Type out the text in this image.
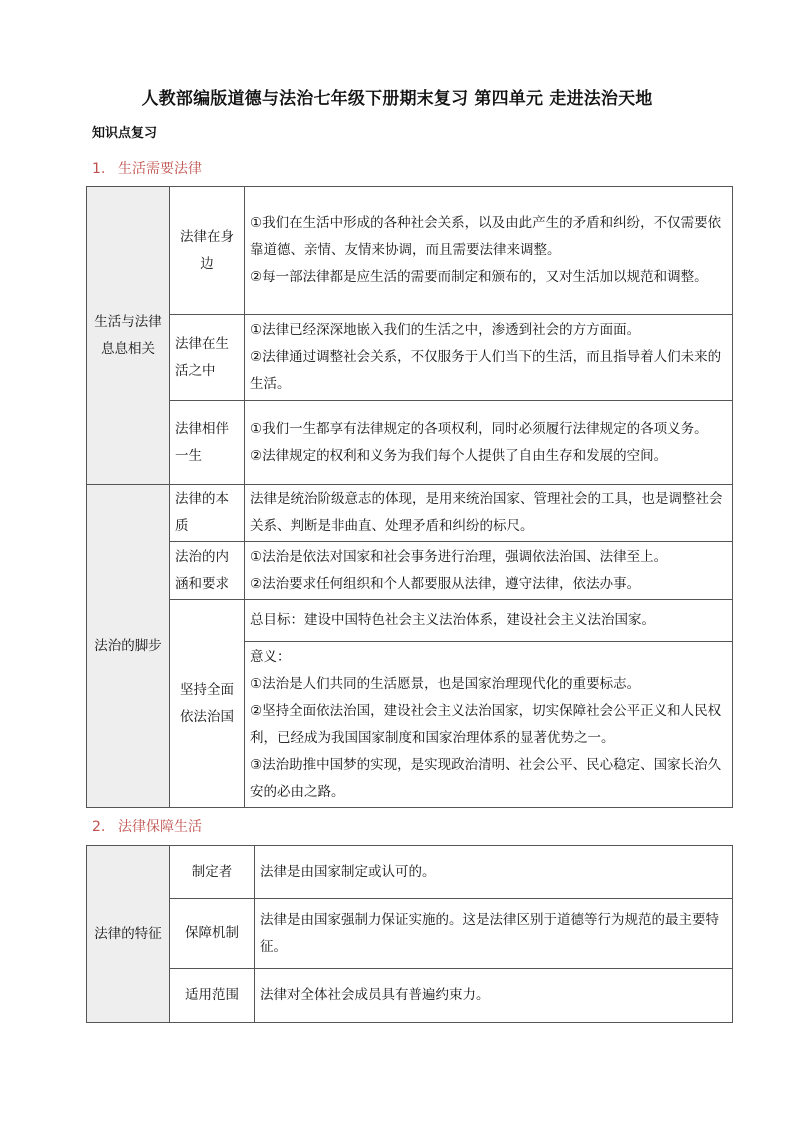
人教部编版道德与法治七年级下册期末复习 第四单元 走进法治天地
知识点复习
1. 生活需要法律
生活与法律息息相关	法律在身边	①我们在生活中形成的各种社会关系，以及由此产生的矛盾和纠纷，不仅需要依靠道德、亲情、友情来协调，而且需要法律来调整。
②每一部法律都是应生活的需要而制定和颁布的，又对生活加以规范和调整。

	法律在生活之中	①法律已经深深地嵌入我们的生活之中，渗透到社会的方方面面。
②法律通过调整社会关系，不仅服务于人们当下的生活，而且指导着人们未来的生活。

	法律相伴一生	①我们一生都享有法律规定的各项权利，同时必须履行法律规定的各项义务。
②法律规定的权利和义务为我们每个人提供了自由生存和发展的空间。

法治的脚步	法律的本质	法律是统治阶级意志的体现，是用来统治国家、管理社会的工具，也是调整社会关系、判断是非曲直、处理矛盾和纠纷的标尺。

	法治的内涵和要求	①法治是依法对国家和社会事务进行治理，强调依法治国、法律至上。
②法治要求任何组织和个人都要服从法律，遵守法律，依法办事。

	坚持全面依法治国	总目标：建设中国特色社会主义法治体系，建设社会主义法治国家。

		意义：
①法治是人们共同的生活愿景，也是国家治理现代化的重要标志。
②坚持全面依法治国，建设社会主义法治国家，切实保障社会公平正义和人民权利，已经成为我国国家制度和国家治理体系的显著优势之一。
③法治助推中国梦的实现，是实现政治清明、社会公平、民心稳定、国家长治久安的必由之路。
2. 法律保障生活
法律的特征	制定者	法律是由国家制定或认可的。
	保障机制	法律是由国家强制力保证实施的。这是法律区别于道德等行为规范的最主要特征。
	适用范围	法律对全体社会成员具有普遍约束力。
